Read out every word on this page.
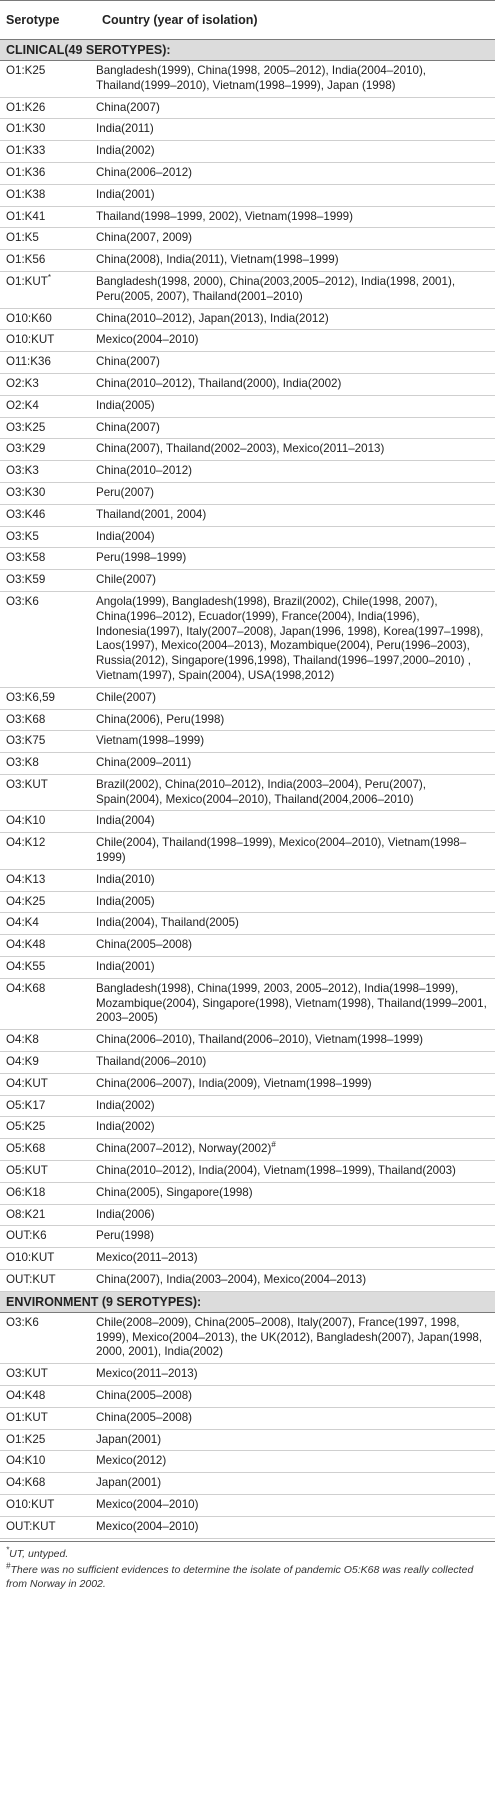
Serotype	Country (year of isolation)
CLINICAL(49 SEROTYPES):	
O1:K25	Bangladesh(1999), China(1998, 2005–2012), India(2004–2010), Thailand(1999–2010), Vietnam(1998–1999), Japan (1998)
O1:K26	China(2007)
O1:K30	India(2011)
O1:K33	India(2002)
O1:K36	China(2006–2012)
O1:K38	India(2001)
O1:K41	Thailand(1998–1999, 2002), Vietnam(1998–1999)
O1:K5	China(2007, 2009)
O1:K56	China(2008), India(2011), Vietnam(1998–1999)
O1:KUT*	Bangladesh(1998, 2000), China(2003,2005–2012), India(1998, 2001), Peru(2005, 2007), Thailand(2001–2010)
O10:K60	China(2010–2012), Japan(2013), India(2012)
O10:KUT	Mexico(2004–2010)
O11:K36	China(2007)
O2:K3	China(2010–2012), Thailand(2000), India(2002)
O2:K4	India(2005)
O3:K25	China(2007)
O3:K29	China(2007), Thailand(2002–2003), Mexico(2011–2013)
O3:K3	China(2010–2012)
O3:K30	Peru(2007)
O3:K46	Thailand(2001, 2004)
O3:K5	India(2004)
O3:K58	Peru(1998–1999)
O3:K59	Chile(2007)
O3:K6	Angola(1999), Bangladesh(1998), Brazil(2002), Chile(1998, 2007), China(1996–2012), Ecuador(1999), France(2004), India(1996), Indonesia(1997), Italy(2007–2008), Japan(1996, 1998), Korea(1997–1998), Laos(1997), Mexico(2004–2013), Mozambique(2004), Peru(1996–2003), Russia(2012), Singapore(1996,1998), Thailand(1996–1997,2000–2010) , Vietnam(1997), Spain(2004), USA(1998,2012)
O3:K6,59	Chile(2007)
O3:K68	China(2006), Peru(1998)
O3:K75	Vietnam(1998–1999)
O3:K8	China(2009–2011)
O3:KUT	Brazil(2002), China(2010–2012), India(2003–2004), Peru(2007), Spain(2004), Mexico(2004–2010), Thailand(2004,2006–2010)
O4:K10	India(2004)
O4:K12	Chile(2004), Thailand(1998–1999), Mexico(2004–2010), Vietnam(1998–1999)
O4:K13	India(2010)
O4:K25	India(2005)
O4:K4	India(2004), Thailand(2005)
O4:K48	China(2005–2008)
O4:K55	India(2001)
O4:K68	Bangladesh(1998), China(1999, 2003, 2005–2012), India(1998–1999), Mozambique(2004), Singapore(1998), Vietnam(1998), Thailand(1999–2001, 2003–2005)
O4:K8	China(2006–2010), Thailand(2006–2010), Vietnam(1998–1999)
O4:K9	Thailand(2006–2010)
O4:KUT	China(2006–2007), India(2009), Vietnam(1998–1999)
O5:K17	India(2002)
O5:K25	India(2002)
O5:K68	China(2007–2012), Norway(2002)#
O5:KUT	China(2010–2012), India(2004), Vietnam(1998–1999), Thailand(2003)
O6:K18	China(2005), Singapore(1998)
O8:K21	India(2006)
OUT:K6	Peru(1998)
O10:KUT	Mexico(2011–2013)
OUT:KUT	China(2007), India(2003–2004), Mexico(2004–2013)
ENVIRONMENT (9 SEROTYPES):	
O3:K6	Chile(2008–2009), China(2005–2008), Italy(2007), France(1997, 1998, 1999), Mexico(2004–2013), the UK(2012), Bangladesh(2007), Japan(1998, 2000, 2001), India(2002)
O3:KUT	Mexico(2011–2013)
O4:K48	China(2005–2008)
O1:KUT	China(2005–2008)
O1:K25	Japan(2001)
O4:K10	Mexico(2012)
O4:K68	Japan(2001)
O10:KUT	Mexico(2004–2010)
OUT:KUT	Mexico(2004–2010)
*UT, untyped.
#There was no sufficient evidences to determine the isolate of pandemic O5:K68 was really collected from Norway in 2002.
